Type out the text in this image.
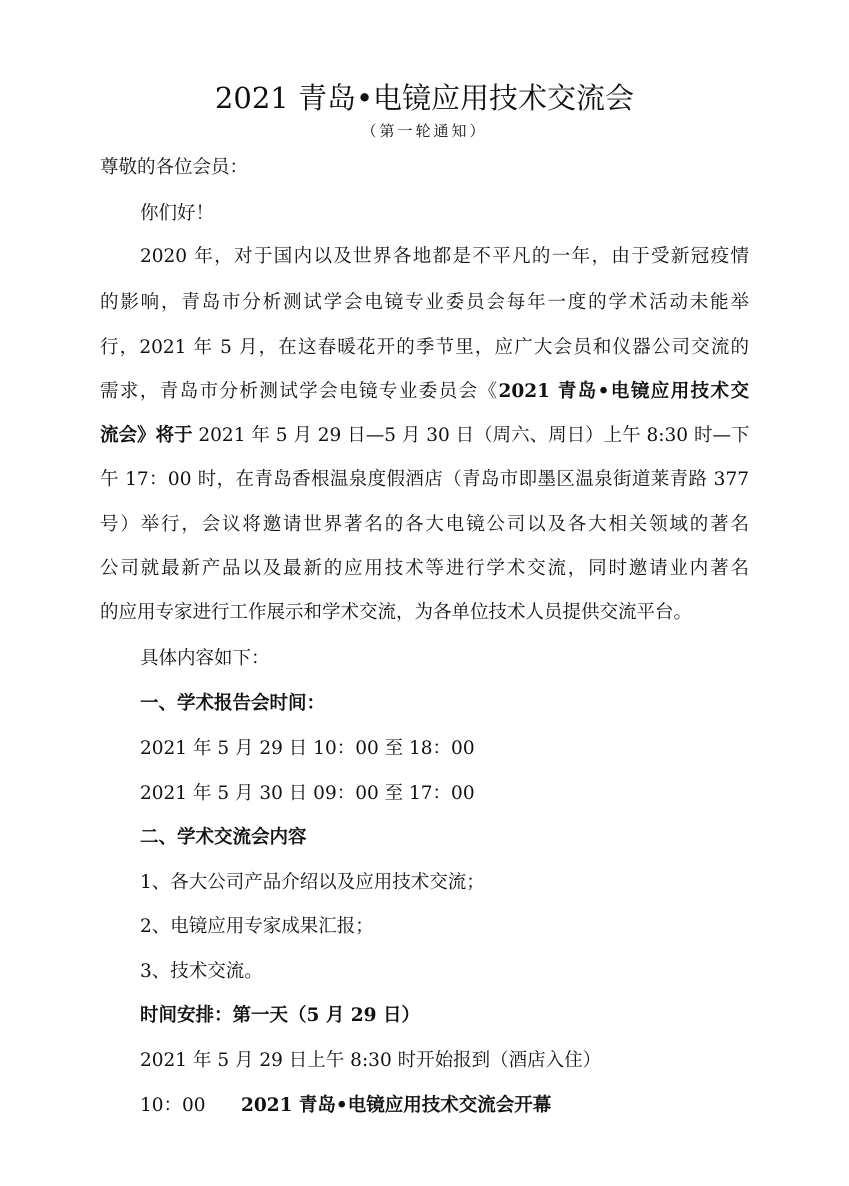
2021 青岛•电镜应用技术交流会
（第一轮通知）
尊敬的各位会员：
你们好！
2020 年，对于国内以及世界各地都是不平凡的一年，由于受新冠疫情
的影响，青岛市分析测试学会电镜专业委员会每年一度的学术活动未能举
行，2021 年 5 月，在这春暖花开的季节里，应广大会员和仪器公司交流的
需求，青岛市分析测试学会电镜专业委员会《2021 青岛•电镜应用技术交
流会》将于 2021 年 5 月 29 日—5 月 30 日（周六、周日）上午 8:30 时—下
午 17：00 时，在青岛香根温泉度假酒店（青岛市即墨区温泉街道莱青路 377
号）举行，会议将邀请世界著名的各大电镜公司以及各大相关领域的著名
公司就最新产品以及最新的应用技术等进行学术交流，同时邀请业内著名
的应用专家进行工作展示和学术交流，为各单位技术人员提供交流平台。
具体内容如下：
一、学术报告会时间：
2021 年 5 月 29 日 10：00 至 18：00
2021 年 5 月 30 日 09：00 至 17：00
二、学术交流会内容
1、各大公司产品介绍以及应用技术交流；
2、电镜应用专家成果汇报；
3、技术交流。
时间安排：第一天（5 月 29 日）
2021 年 5 月 29 日上午 8:30 时开始报到（酒店入住）
10：00 2021 青岛•电镜应用技术交流会开幕
